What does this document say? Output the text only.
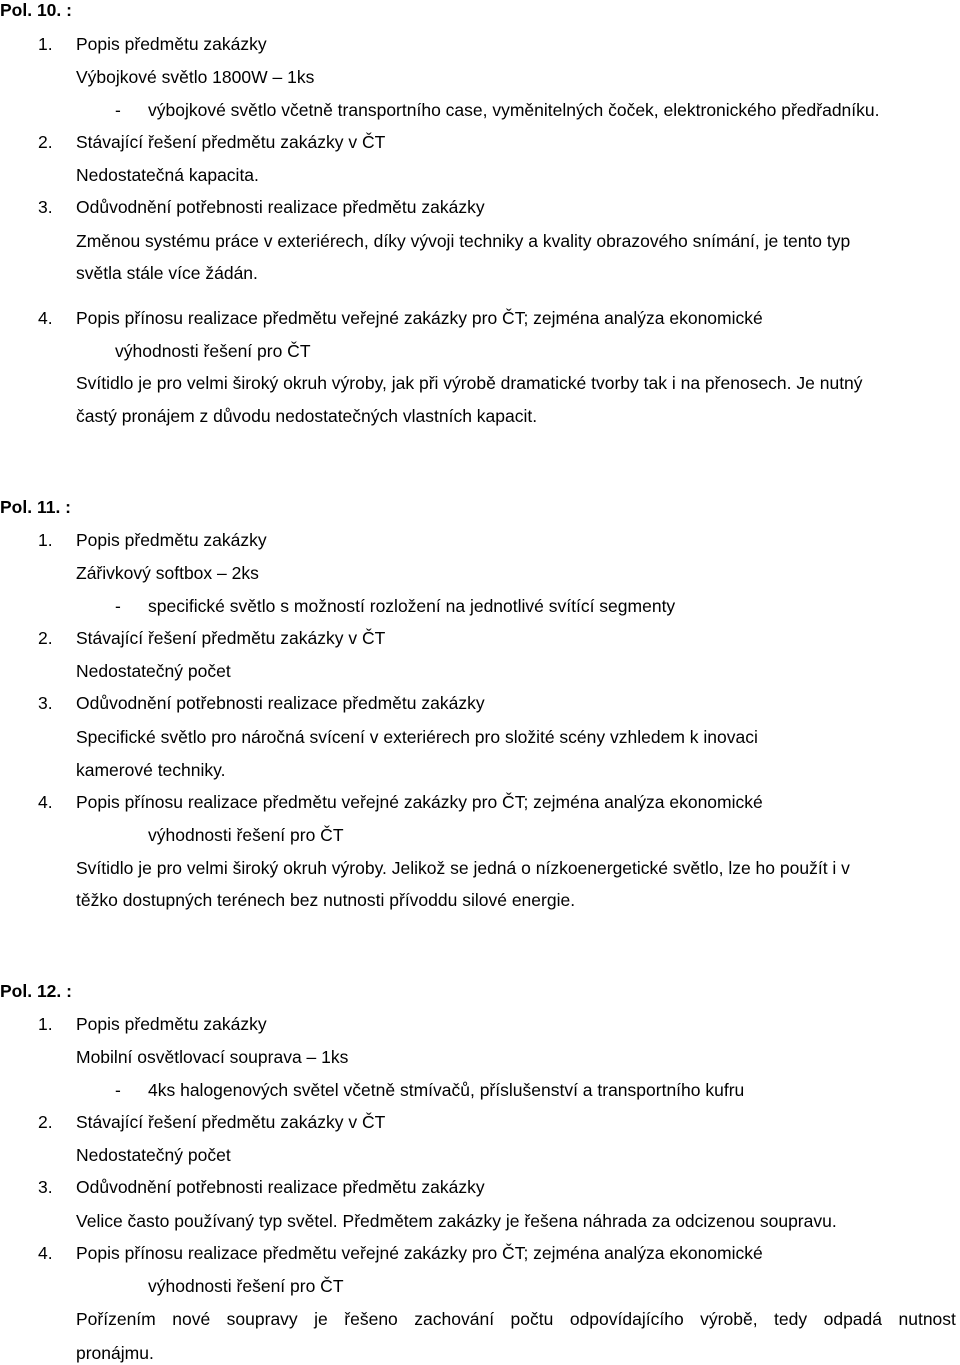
Pol. 10. :
1. Popis předmětu zakázky
Výbojkové světlo 1800W – 1ks
- výbojkové světlo včetně transportního case, vyměnitelných čoček, elektronického předřadníku.
2. Stávající řešení předmětu zakázky v ČT
Nedostatečná kapacita.
3. Odůvodnění potřebnosti realizace předmětu zakázky
Změnou systému práce v exteriérech, díky vývoji techniky a kvality obrazového snímání, je tento typ
světla stále více žádán.
4. Popis přínosu realizace předmětu veřejné zakázky pro ČT; zejména analýza ekonomické
výhodnosti řešení pro ČT
Svítidlo je pro velmi široký okruh výroby, jak při výrobě dramatické tvorby tak i na přenosech. Je nutný
častý pronájem z důvodu nedostatečných vlastních kapacit.
Pol. 11. :
1. Popis předmětu zakázky
Zářivkový softbox – 2ks
- specifické světlo s možností rozložení na jednotlivé svítící segmenty
2. Stávající řešení předmětu zakázky v ČT
Nedostatečný počet
3. Odůvodnění potřebnosti realizace předmětu zakázky
Specifické světlo pro náročná svícení v exteriérech pro složité scény vzhledem k inovaci
kamerové techniky.
4. Popis přínosu realizace předmětu veřejné zakázky pro ČT; zejména analýza ekonomické
výhodnosti řešení pro ČT
Svítidlo je pro velmi široký okruh výroby. Jelikož se jedná o nízkoenergetické světlo, lze ho použít i v
těžko dostupných terénech bez nutnosti přívoddu silové energie.
Pol. 12. :
1. Popis předmětu zakázky
Mobilní osvětlovací souprava – 1ks
- 4ks halogenových světel včetně stmívačů, příslušenství a transportního kufru
2. Stávající řešení předmětu zakázky v ČT
Nedostatečný počet
3. Odůvodnění potřebnosti realizace předmětu zakázky
Velice často používaný typ světel. Předmětem zakázky je řešena náhrada za odcizenou soupravu.
4. Popis přínosu realizace předmětu veřejné zakázky pro ČT; zejména analýza ekonomické
výhodnosti řešení pro ČT
Pořízením nové soupravy je řešeno zachování počtu odpovídajícího výrobě, tedy odpadá nutnost
pronájmu.
